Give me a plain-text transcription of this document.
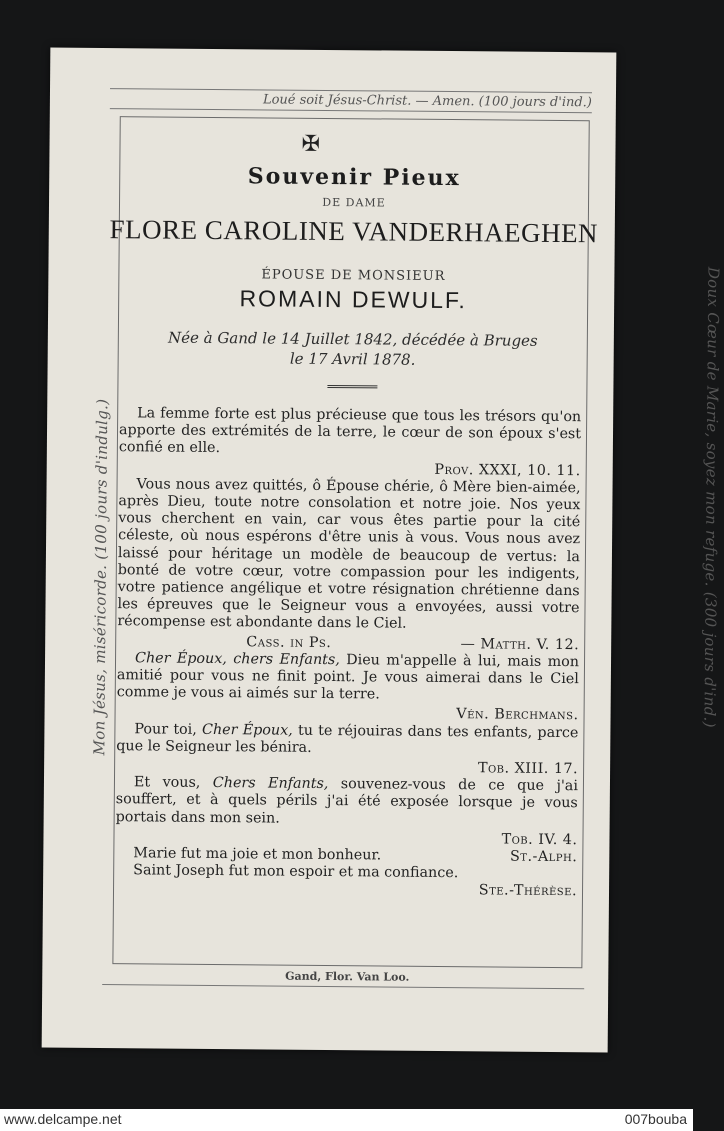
Loué soit Jésus-Christ. — Amen. (100 jours d'ind.)
Mon Jésus, miséricorde. (100 jours d'indulg.)	Doux Cœur de Marie, soyez mon refuge. (300 jours d'ind.)
✠
Souvenir Pieux
DE DAME
FLORE CAROLINE VANDERHAEGHEN
ÉPOUSE DE MONSIEUR
ROMAIN DEWULF.
Née à Gand le 14 Juillet 1842, décédée à Bruges
le 17 Avril 1878.

La femme forte est plus précieuse que tous les trésors qu'on apporte des extrémités de la terre, le cœur de son époux s'est confié en elle.

Prov. XXXI, 10. 11.

Vous nous avez quittés, ô Épouse chérie, ô Mère bien-aimée, après Dieu, toute notre consolation et notre joie. Nos yeux vous cherchent en vain, car vous êtes partie pour la cité céleste, où nous espérons d'être unis à vous. Vous nous avez laissé pour héritage un modèle de beaucoup de vertus: la bonté de votre cœur, votre compassion pour les indigents, votre patience angélique et votre résignation chrétienne dans les épreuves que le Seigneur vous a envoyées, aussi votre récompense est abondante dans le Ciel.

Cass. in Ps.	— Matth. V. 12.

Cher Époux, chers Enfants, Dieu m'appelle à lui, mais mon amitié pour vous ne finit point. Je vous aimerai dans le Ciel comme je vous ai aimés sur la terre.

Vén. Berchmans.

Pour toi, Cher Époux, tu te réjouiras dans tes enfants, parce que le Seigneur les bénira.

Tob. XIII. 17.

Et vous, Chers Enfants, souvenez-vous de ce que j'ai souffert, et à quels périls j'ai été exposée lorsque je vous portais dans mon sein.

Tob. IV. 4.
Marie fut ma joie et mon bonheur.	St.-Alph.
Saint Joseph fut mon espoir et ma confiance.
Ste.-Thérèse.
Gand, Flor. Van Loo.
www.delcampe.net	007bouba
